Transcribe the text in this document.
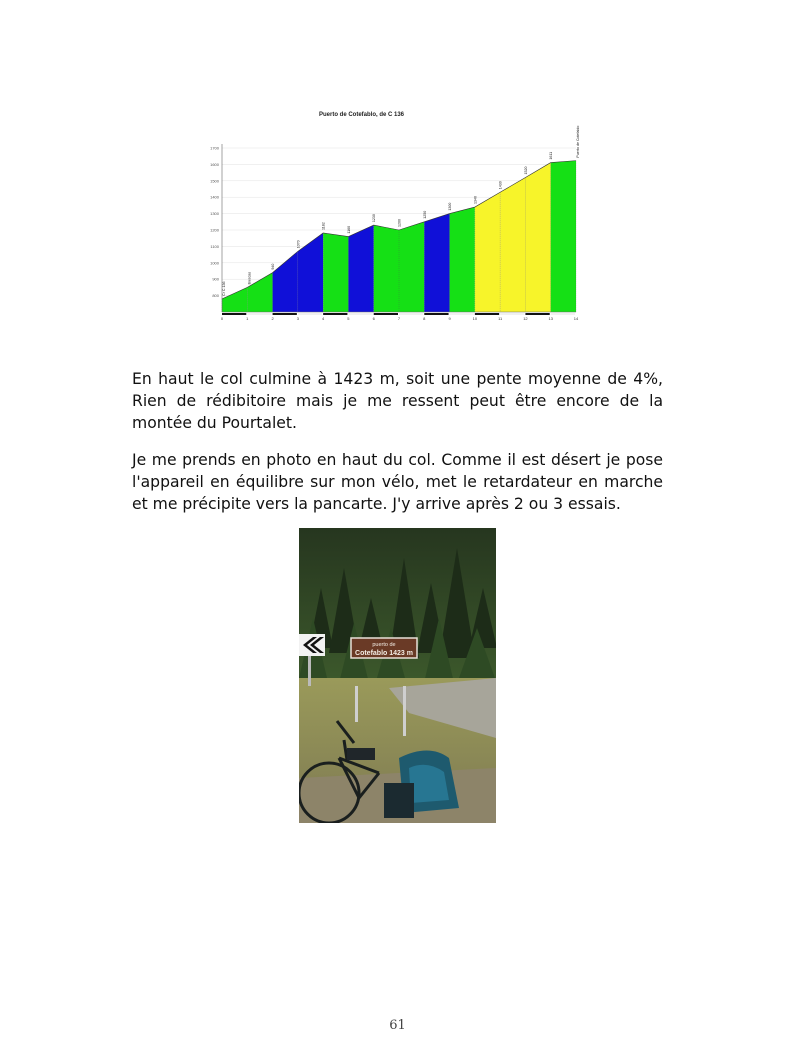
Puerto de Cotefablo, de C 136
800
900
1000
1100
1200
1300
1400
1500
1600
1700
0	1
940
2
1070
3
1182
4
1160
5
1230
6
1200
7
1250
8
1300
9
1340
10
1430
11
1520
12
1611
13	14
Cr C 136
Biescas
Puerto de Cotefablo

En haut le col culmine à 1423 m, soit une pente moyenne de 4%, Rien de rédibitoire mais je me ressent peut être encore de la montée du Pourtalet.

Je me prends en photo en haut du col. Comme il est désert je pose l'appareil en équilibre sur mon vélo, met le retardateur en marche et me précipite vers la pancarte. J'y arrive après 2 ou 3 essais.

puerto de
Cotefablo 1423 m
61
